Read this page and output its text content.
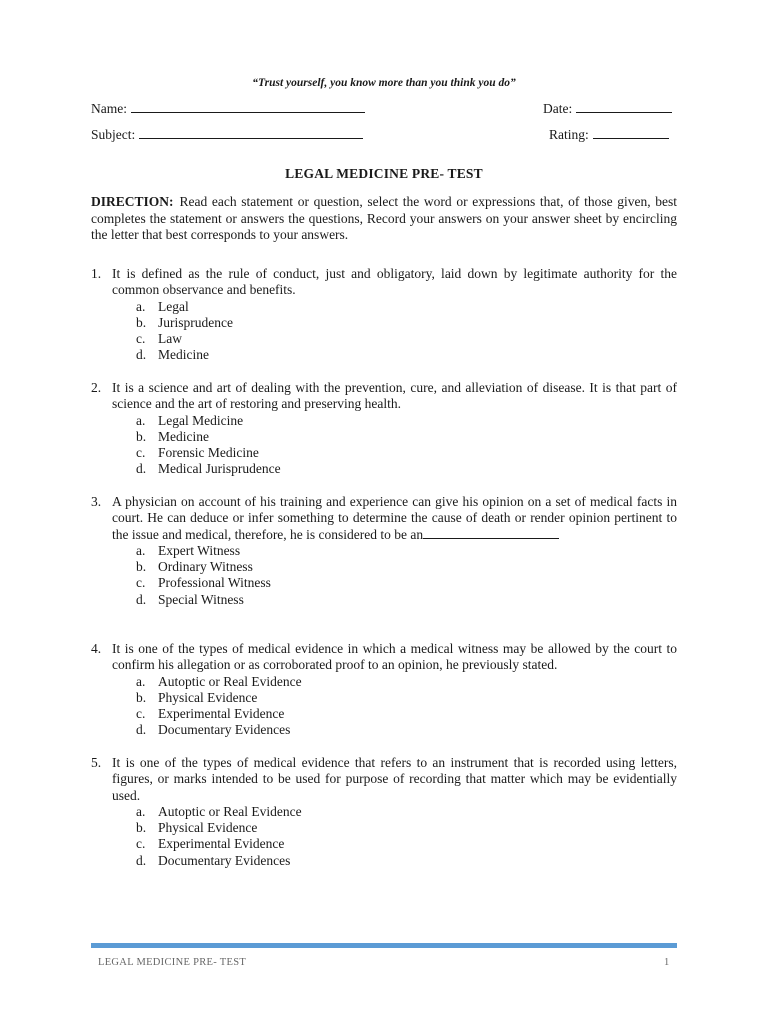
“Trust yourself, you know more than you think you do”
Name:	Date:
Subject:	Rating:
LEGAL MEDICINE PRE- TEST
DIRECTION: Read each statement or question, select the word or expressions that, of those given, best completes the statement or answers the questions, Record your answers on your answer sheet by encircling the letter that best corresponds to your answers.
1. It is defined as the rule of conduct, just and obligatory, laid down by legitimate authority for the common observance and benefits.
a. Legal
b. Jurisprudence
c. Law
d. Medicine
2. It is a science and art of dealing with the prevention, cure, and alleviation of disease. It is that part of science and the art of restoring and preserving health.
a. Legal Medicine
b. Medicine
c. Forensic Medicine
d. Medical Jurisprudence
3. A physician on account of his training and experience can give his opinion on a set of medical facts in court. He can deduce or infer something to determine the cause of death or render opinion pertinent to the issue and medical, therefore, he is considered to be an
a. Expert Witness
b. Ordinary Witness
c. Professional Witness
d. Special Witness
4. It is one of the types of medical evidence in which a medical witness may be allowed by the court to confirm his allegation or as corroborated proof to an opinion, he previously stated.
a. Autoptic or Real Evidence
b. Physical Evidence
c. Experimental Evidence
d. Documentary Evidences
5. It is one of the types of medical evidence that refers to an instrument that is recorded using letters, figures, or marks intended to be used for purpose of recording that matter which may be evidentially used.
a. Autoptic or Real Evidence
b. Physical Evidence
c. Experimental Evidence
d. Documentary Evidences
LEGAL MEDICINE PRE- TEST	1
